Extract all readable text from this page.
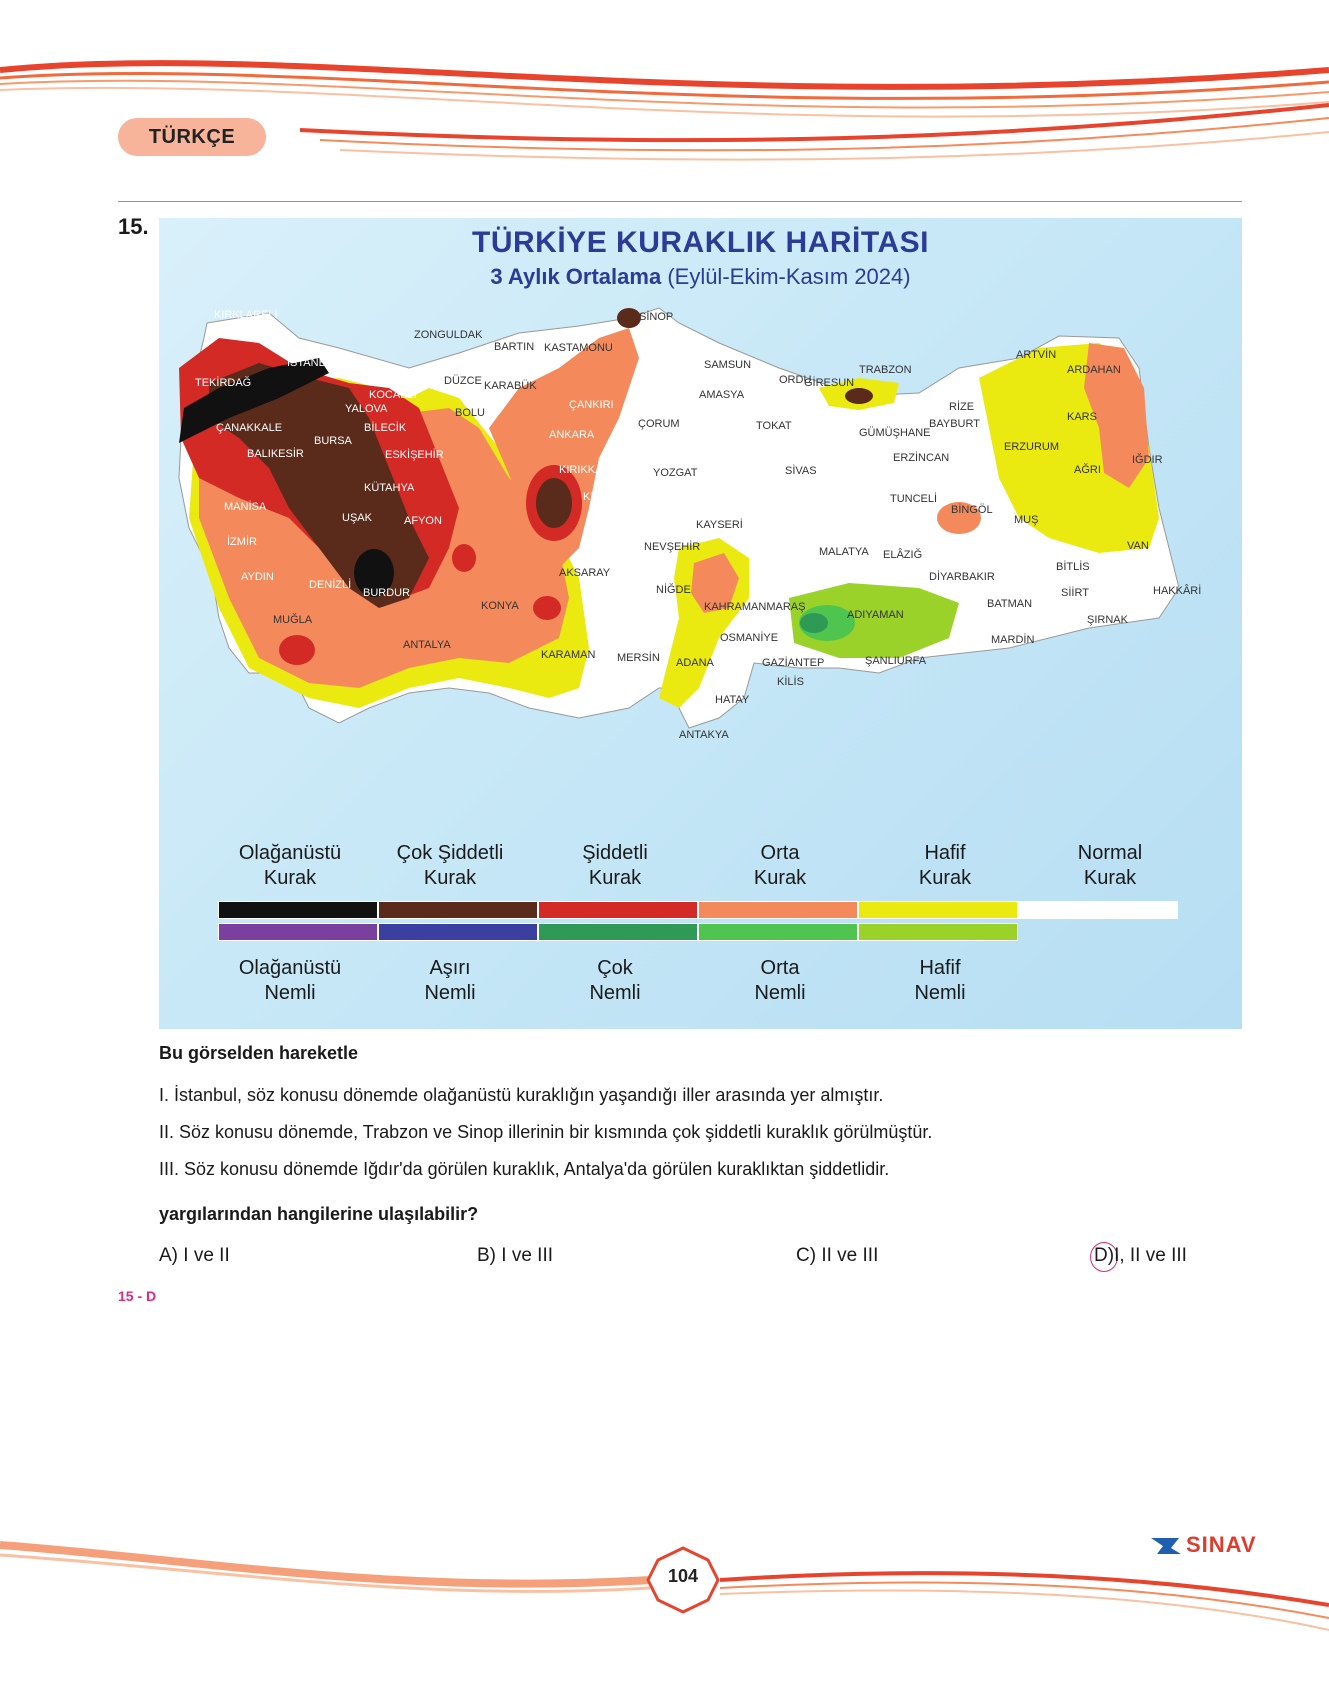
TÜRKÇE
15.	TÜRKİYE KURAKLIK HARİTASI
3 Aylık Ortalama (Eylül-Ekim-Kasım 2024)
KIRKLARELİ
EDİRNE
İSTANBUL
TEKİRDAĞ
ÇANAKKALE
BALIKESİR
BURSA
YALOVA
KOCAELİ
SAKARYA DÜZCE
BOLU
ZONGULDAK
BARTIN
KARABÜK
KASTAMONU
SİNOP
SAMSUN
ORDU
GİRESUN
TRABZON
RİZE
ARTVİN
ARDAHAN
KARS
IĞDIR
AĞRI
ERZURUM
BAYBURT
GÜMÜŞHANE
ERZİNCAN
TUNCELİ
BİNGÖL
MUŞ
VAN
BİTLİS
SİİRT	HAKKÂRİ
ŞIRNAK
BATMAN
MARDİN
DİYARBAKIR
ELÂZIĞ
MALATYA
ADIYAMAN
ŞANLIURFA
GAZİANTEP
KİLİS
OSMANİYE
ADANA
HATAY
KAHRAMANMARAŞ
MERSİN
KARAMAN
NİĞDE
NEVŞEHİR
KAYSERİ
SİVAS
TOKAT
AMASYA
ÇORUM
YOZGAT
KIRŞEHİR
KIRIKKALE
ANKARA
ÇANKIRI
ESKİŞEHİR
BİLECİK
KÜTAHYA
AFYON
UŞAK
MANİSA
İZMİR
AYDIN
DENİZLİ
MUĞLA
BURDUR
ANTALYA
KONYA
AKSARAY
ANTAKYA
Olağanüstü
Kurak
Çok Şiddetli
Kurak
Şiddetli
Kurak
Orta
Kurak
Hafif
Kurak
Normal
Kurak
Olağanüstü
Nemli
Aşırı
Nemli
Çok
Nemli
Orta
Nemli
Hafif
Nemli
Bu görselden hareketle
I. İstanbul, söz konusu dönemde olağanüstü kuraklığın yaşandığı iller arasında yer almıştır.
II. Söz konusu dönemde, Trabzon ve Sinop illerinin bir kısmında çok şiddetli kuraklık görülmüştür.
III. Söz konusu dönemde Iğdır'da görülen kuraklık, Antalya'da görülen kuraklıktan şiddetlidir.
yargılarından hangilerine ulaşılabilir?
A) I ve II	B) I ve III	C) II ve III	D)I, II ve III
15 - D
104
SINAV
